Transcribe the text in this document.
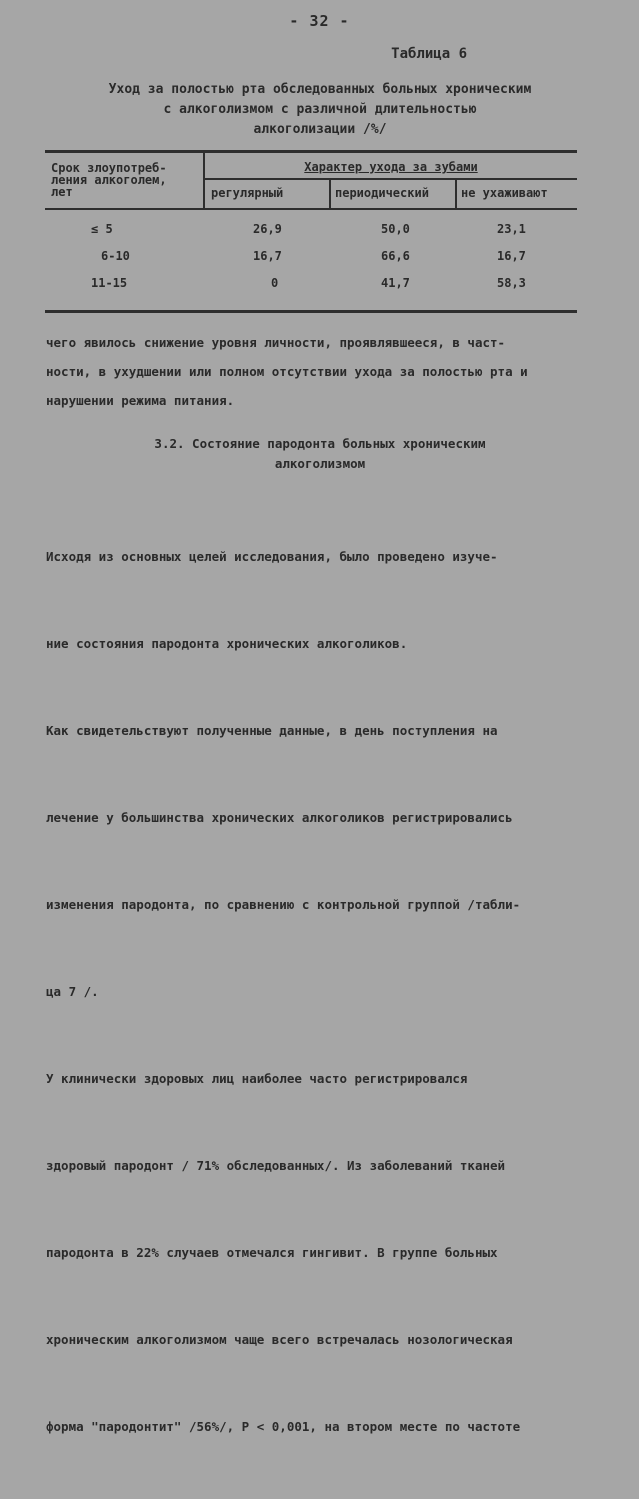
- 32 -
Таблица 6
Уход за полостью рта обследованных больных хроническим
с алкоголизмом с различной длительностью
алкоголизации /%/
Срок злоупотреб-
ления алкоголем,
лет
Характер ухода за зубами
регулярный	периодический	не ухаживают
≤ 5	26,9	50,0	23,1
6-10	16,7	66,6	16,7
11-15	0	41,7	58,3
чего явилось снижение уровня личности, проявлявшееся, в част-
ности, в ухудшении или полном отсутствии ухода за полостью рта и
нарушении режима питания.
3.2. Состояние пародонта больных хроническим
алкоголизмом

Исходя из основных целей исследования, было проведено изуче-

ние состояния пародонта хронических алкоголиков.

Как свидетельствуют полученные данные, в день поступления на

лечение у большинства хронических алкоголиков регистрировались

изменения пародонта, по сравнению с контрольной группой /табли-

ца 7 /.

У клинически здоровых лиц наиболее часто регистрировался

здоровый пародонт / 71% обследованных/. Из заболеваний тканей

пародонта в 22% случаев отмечался гингивит. В группе больных

хроническим алкоголизмом чаще всего встречалась нозологическая

форма "пародонтит" /56%/, Р < 0,001, на втором месте по частоте
